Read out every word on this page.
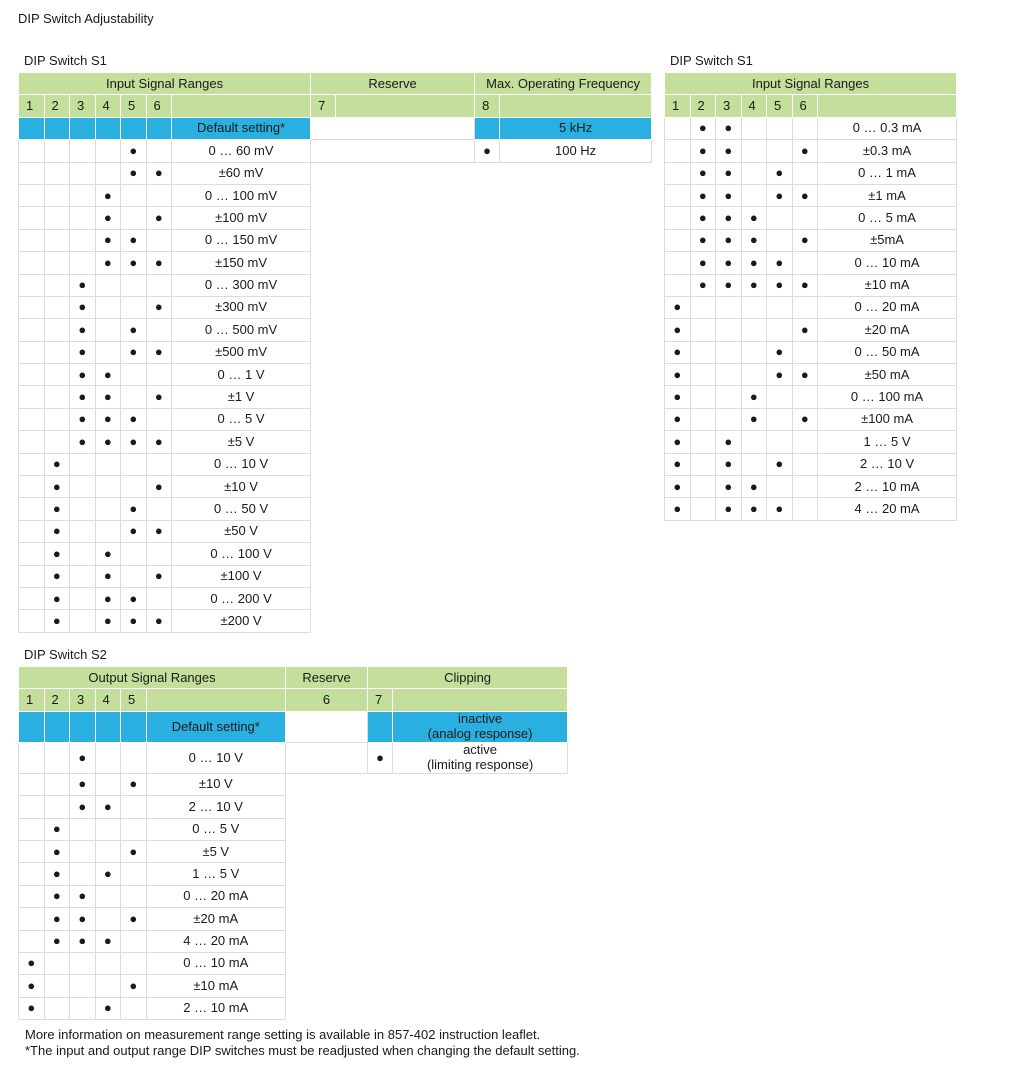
DIP Switch Adjustability
DIP Switch S1
Input Signal Ranges							Reserve		Max. Operating Frequency	
1	2	3	4	5	6		7		8	
						Default setting*				5 kHz
				●		0 … 60 mV			●	100 Hz
				●	●	±60 mV				
			●			0 … 100 mV				
			●		●	±100 mV				
			●	●		0 … 150 mV				
			●	●	●	±150 mV				
		●				0 … 300 mV				
		●			●	±300 mV				
		●		●		0 … 500 mV				
		●		●	●	±500 mV				
		●	●			0 … 1 V				
		●	●		●	±1 V				
		●	●	●		0 … 5 V				
		●	●	●	●	±5 V				
	●					0 … 10 V				
	●				●	±10 V				
	●			●		0 … 50 V				
	●			●	●	±50 V				
	●		●			0 … 100 V				
	●		●		●	±100 V				
	●		●	●		0 … 200 V				
	●		●	●	●	±200 V				
DIP Switch S1
Input Signal Ranges						
1	2	3	4	5	6	
	●	●				0 … 0.3 mA
	●	●			●	±0.3 mA
	●	●		●		0 … 1 mA
	●	●		●	●	±1 mA
	●	●	●			0 … 5 mA
	●	●	●		●	±5mA
	●	●	●	●		0 … 10 mA
	●	●	●	●	●	±10 mA
●						0 … 20 mA
●					●	±20 mA
●				●		0 … 50 mA
●				●	●	±50 mA
●			●			0 … 100 mA
●			●		●	±100 mA
●		●				1 … 5 V
●		●		●		2 … 10 V
●		●	●			2 … 10 mA
●		●	●	●		4 … 20 mA
DIP Switch S2
Output Signal Ranges						Reserve	Clipping	
1	2	3	4	5		6	7	
					Default setting*			inactive
(analog response)

		●			0 … 10 V		●	active
(limiting response)

		●		●	±10 V			
		●	●		2 … 10 V			
	●				0 … 5 V			
	●			●	±5 V			
	●		●		1 … 5 V			
	●	●			0 … 20 mA			
	●	●		●	±20 mA			
	●	●	●		4 … 20 mA			
●					0 … 10 mA			
●				●	±10 mA			
●			●		2 … 10 mA			
More information on measurement range setting is available in 857-402 instruction leaflet.
*The input and output range DIP switches must be readjusted when changing the default setting.
